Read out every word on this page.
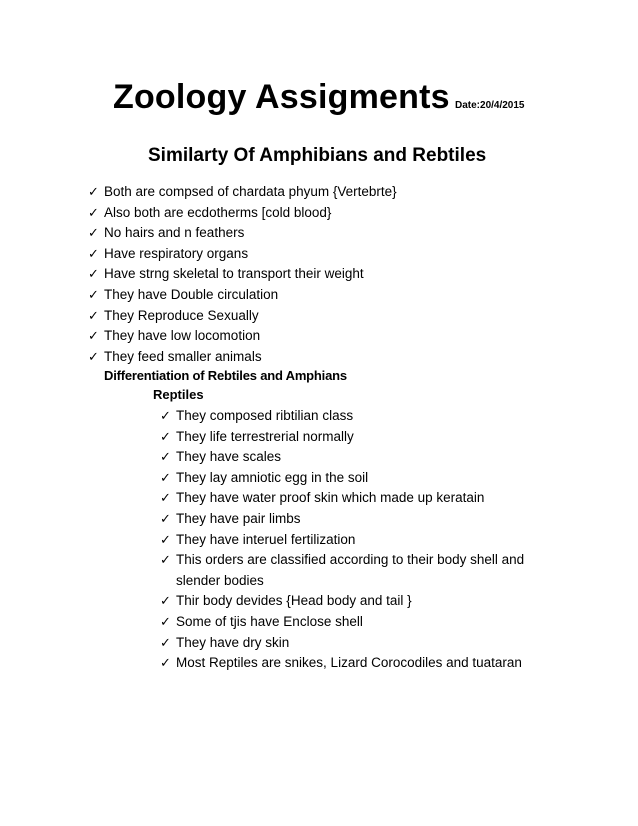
Zoology Assigments Date:20/4/2015
Similarty Of Amphibians and Rebtiles
✓ Both are compsed of chardata phyum {Vertebrte}
✓ Also both are ecdotherms [cold blood}
✓ No hairs and n feathers
✓ Have respiratory organs
✓ Have strng skeletal to transport their weight
✓ They have Double circulation
✓ They Reproduce Sexually
✓ They have low locomotion
✓ They feed smaller animals
Differentiation of Rebtiles and Amphians
Reptiles
✓ They composed ribtilian class
✓ They life terrestrerial normally
✓ They have scales
✓ They lay amniotic egg in the soil
✓ They have water proof skin which made up keratain
✓ They have pair limbs
✓ They have interuel fertilization
✓ This orders are classified according to their body shell and slender bodies
✓ Thir body devides {Head body and tail }
✓ Some of tjis have Enclose shell
✓ They have dry skin
✓ Most Reptiles are snikes, Lizard Corocodiles and tuataran
